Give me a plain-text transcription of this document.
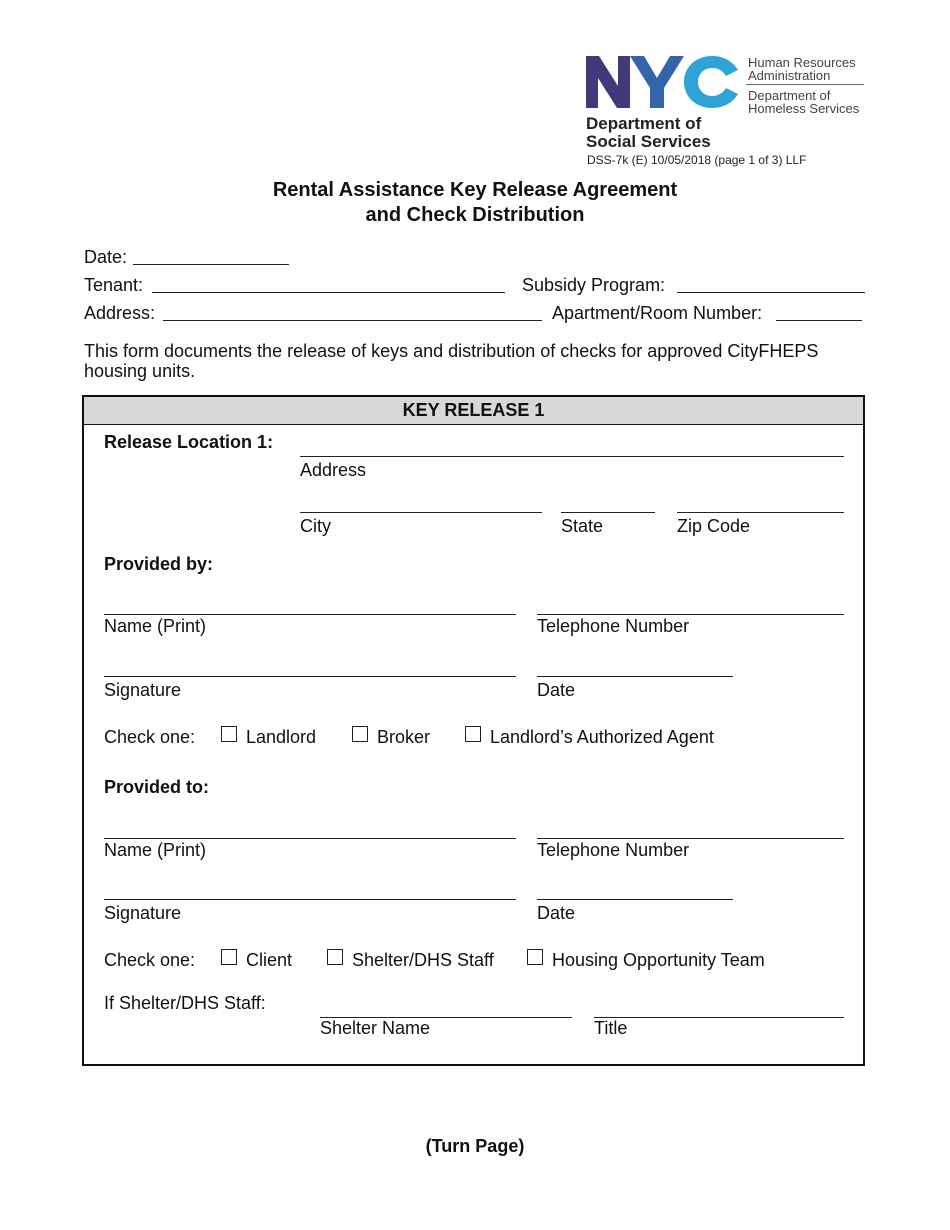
Human Resources
Administration
Department of
Homeless Services
Department of
Social Services
DSS-7k (E) 10/05/2018 (page 1 of 3) LLF
Rental Assistance Key Release Agreement
and Check Distribution
Date:
Tenant:	Subsidy Program:
Address:	Apartment/Room Number:
This form documents the release of keys and distribution of checks for approved CityFHEPS housing units.
KEY RELEASE 1
Release Location 1:
Address
City	State	Zip Code
Provided by:
Name (Print)	Telephone Number
Signature	Date
Check one:	Landlord	Broker	Landlord’s Authorized Agent
Provided to:
Name (Print)	Telephone Number
Signature	Date
Check one:	Client	Shelter/DHS Staff	Housing Opportunity Team
If Shelter/DHS Staff:
Shelter Name	Title
(Turn Page)
